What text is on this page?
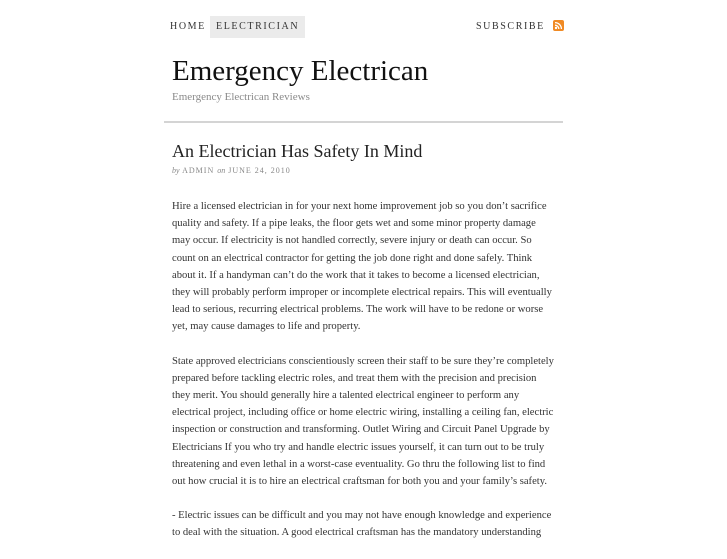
HOME	ELECTRICIAN	SUBSCRIBE
Emergency Electrican
Emergency Electrican Reviews
An Electrician Has Safety In Mind
by ADMIN on JUNE 24, 2010

Hire a licensed electrician in for your next home improvement job so you don’t sacrifice quality and safety. If a pipe leaks, the floor gets wet and some minor property damage may occur. If electricity is not handled correctly, severe injury or death can occur. So count on an electrical contractor for getting the job done right and done safely. Think about it. If a handyman can’t do the work that it takes to become a licensed electrician, they will probably perform improper or incomplete electrical repairs. This will eventually lead to serious, recurring electrical problems. The work will have to be redone or worse yet, may cause damages to life and property.

State approved electricians conscientiously screen their staff to be sure they’re completely prepared before tackling electric roles, and treat them with the precision and precision they merit. You should generally hire a talented electrical engineer to perform any electrical project, including office or home electric wiring, installing a ceiling fan, electric inspection or construction and transforming. Outlet Wiring and Circuit Panel Upgrade by Electricians If you who try and handle electric issues yourself, it can turn out to be truly threatening and even lethal in a worst-case eventuality. Go thru the following list to find out how crucial it is to hire an electrical craftsman for both you and your family’s safety.

- Electric issues can be difficult and you may not have enough knowledge and experience to deal with the situation. A good electrical craftsman has the mandatory understanding
